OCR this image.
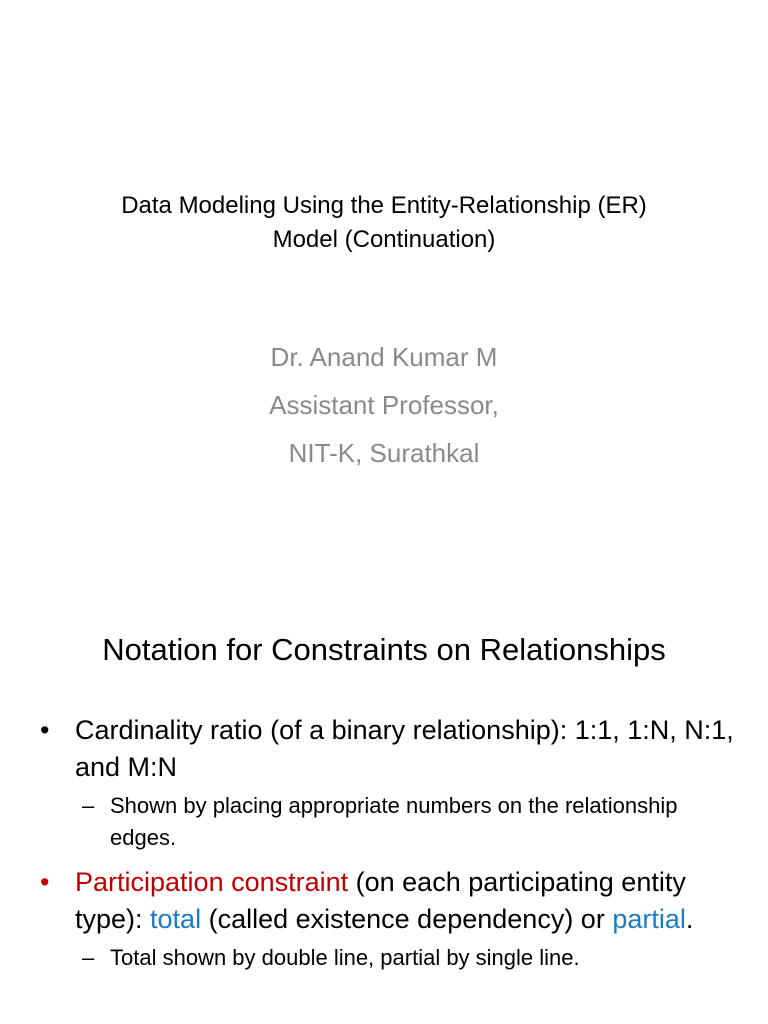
Data Modeling Using the Entity-Relationship (ER)
Model (Continuation)
Dr. Anand Kumar M
Assistant Professor,
NIT-K, Surathkal
Notation for Constraints on Relationships
• Cardinality ratio (of a binary relationship): 1:1, 1:N, N:1, and M:N
– Shown by placing appropriate numbers on the relationship edges.
• Participation constraint (on each participating entity type): total (called existence dependency) or partial.
– Total shown by double line, partial by single line.
